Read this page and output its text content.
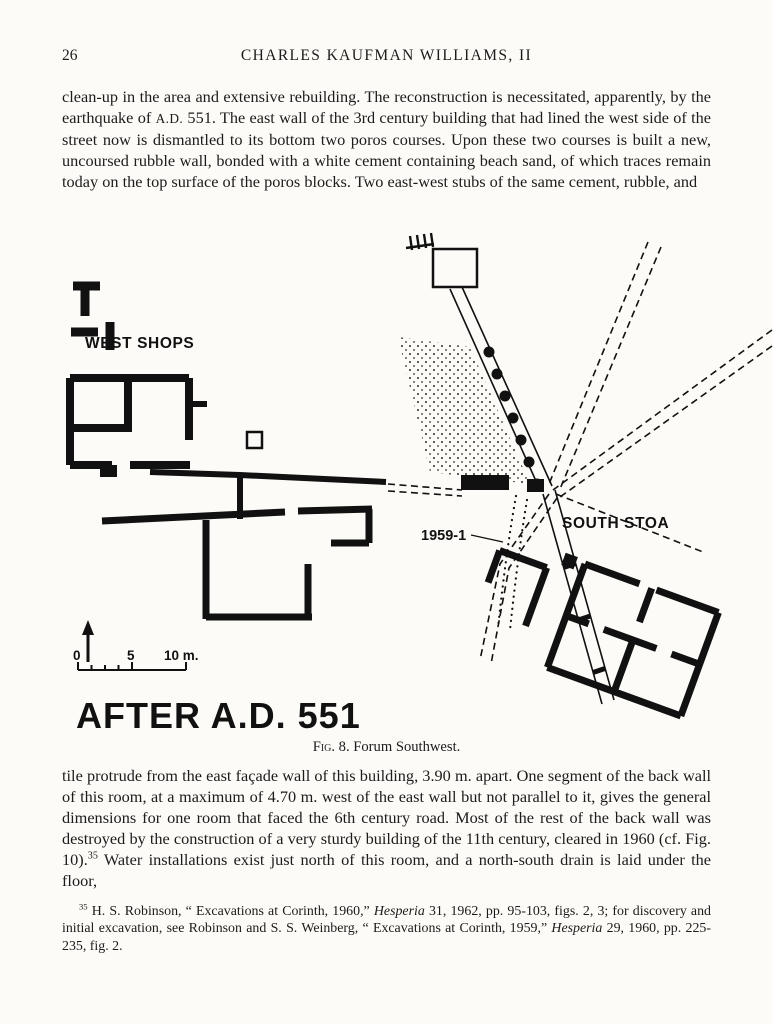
26	CHARLES KAUFMAN WILLIAMS, II

clean-up in the area and extensive rebuilding. The reconstruction is necessitated, apparently, by the earthquake of A.D. 551. The east wall of the 3rd century building that had lined the west side of the street now is dismantled to its bottom two poros courses. Upon these two courses is built a new, uncoursed rubble wall, bonded with a white cement containing beach sand, of which traces remain today on the top surface of the poros blocks. Two east-west stubs of the same cement, rubble, and

0	5 10 m.
WEST SHOPS
SOUTH STOA
1959-1
AFTER A.D. 551
Fig. 8. Forum Southwest.

tile protrude from the east façade wall of this building, 3.90 m. apart. One segment of the back wall of this room, at a maximum of 4.70 m. west of the east wall but not parallel to it, gives the general dimensions for one room that faced the 6th century road. Most of the rest of the back wall was destroyed by the construction of a very sturdy building of the 11th century, cleared in 1960 (cf. Fig. 10).$^{35}$ Water installations exist just north of this room, and a north-south drain is laid under the floor,

$^{35}$ H. S. Robinson, “ Excavations at Corinth, 1960,” Hesperia 31, 1962, pp. 95-103, figs. 2, 3; for discovery and initial excavation, see Robinson and S. S. Weinberg, “ Excavations at Corinth, 1959,” Hesperia 29, 1960, pp. 225-235, fig. 2.
